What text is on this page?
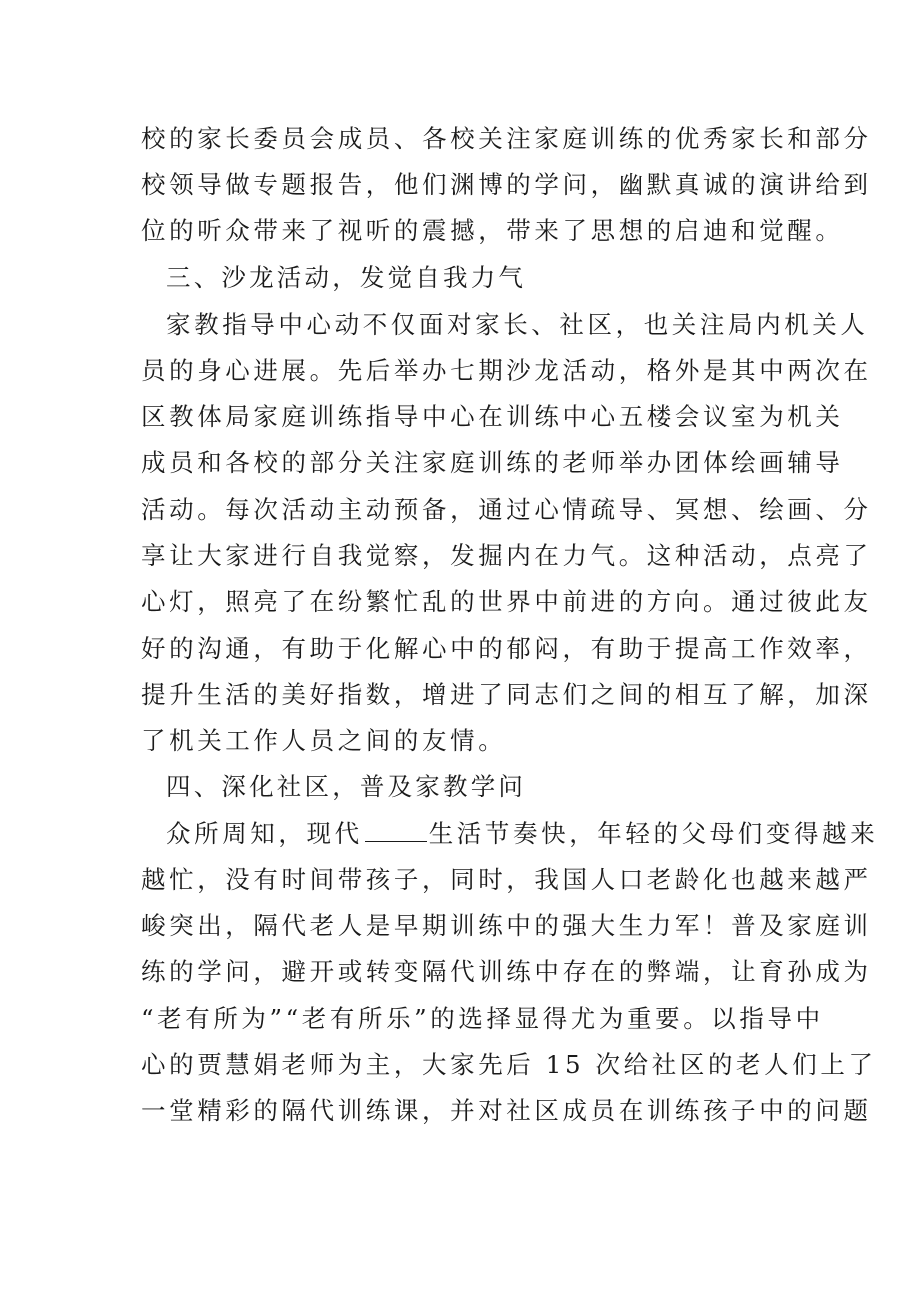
校的家长委员会成员、各校关注家庭训练的优秀家长和部分
校领导做专题报告，他们渊博的学问，幽默真诚的演讲给到
位的听众带来了视听的震撼，带来了思想的启迪和觉醒。
三、沙龙活动，发觉自我力气
家教指导中心动不仅面对家长、社区，也关注局内机关人
员的身心进展。先后举办七期沙龙活动，格外是其中两次在
区教体局家庭训练指导中心在训练中心五楼会议室为机关
成员和各校的部分关注家庭训练的老师举办团体绘画辅导
活动。每次活动主动预备，通过心情疏导、冥想、绘画、分
享让大家进行自我觉察，发掘内在力气。这种活动，点亮了
心灯，照亮了在纷繁忙乱的世界中前进的方向。通过彼此友
好的沟通，有助于化解心中的郁闷，有助于提高工作效率，
提升生活的美好指数，增进了同志们之间的相互了解，加深
了机关工作人员之间的友情。
四、深化社区，普及家教学问
众所周知，现代	生活节奏快，年轻的父母们变得越来
越忙，没有时间带孩子，同时，我国人口老龄化也越来越严
峻突出，隔代老人是早期训练中的强大生力军！普及家庭训
练的学问，避开或转变隔代训练中存在的弊端，让育孙成为
“老有所为”“老有所乐”的选择显得尤为重要。以指导中
心的贾慧娟老师为主，大家先后 15 次给社区的老人们上了
一堂精彩的隔代训练课，并对社区成员在训练孩子中的问题
